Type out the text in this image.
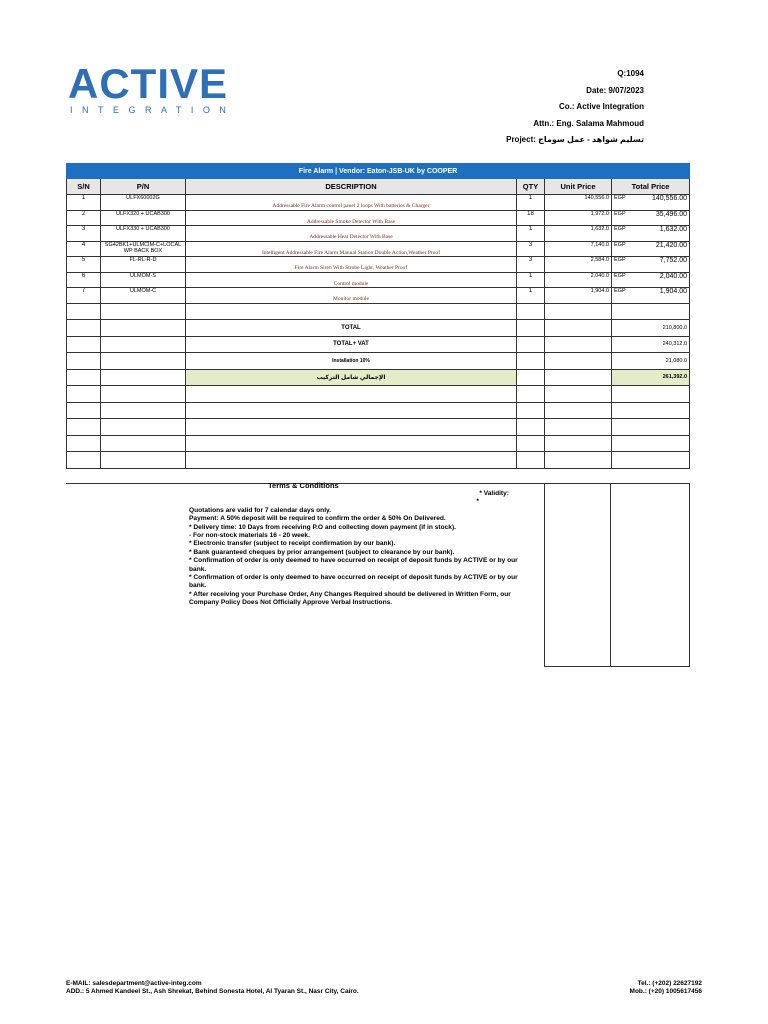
ACTIVE
INTEGRATION
Q:1094
Date: 9/07/2023
Co.: Active Integration
Attn.: Eng. Salama Mahmoud
Project: تسليم شواهد - عمل سوماج
Fire Alarm | Vendor: Eaton-JSB-UK by COOPER					
S/N	P/N	DESCRIPTION	QTY	Unit Price	Total Price
1	ULFX60002G	Addressable Fire Alarm control panel 2 loops With batteries & Charger	1	140,556.0	EGP 140,556.00

2	ULFX320 + UCAB300	Addressable Smoke Detector With Base	18	1,972.0	EGP 35,496.00

3	ULFX330 + UCAB300	Addressable Heat Detector With Base	1	1,632.0	EGP 1,632.00

4	SG42BK1+ULMCIM-C+LOCAL WP BACK BOX	Intelligent Addressable Fire Alarm Manual Station Double Action,Weather Proof	3	7,140.0	EGP 21,420.00

5	FL-RL-R-D	Fire Alarm Siren With Strobe Light, Weather Proof	3	2,584.0	EGP 7,752.00

6	ULMOM-S	Control module	1	2,040.0	EGP 2,040.00

7	ULMOM-C	Monitor module	1	1,904.0	EGP 1,904.00

		TOTAL			210,800.0
		TOTAL+ VAT			240,312.0
		Installation 10%			21,080.0
		الإجمالي شامل التركيب			261,392.0

Terms & Conditions
* Validity:
*
Quotations are valid for 7 calendar days only.
Payment: A 50% deposit will be required to confirm the order & 50% On Delivered.
* Delivery time: 10 Days from receiving P.O and collecting down payment (if in stock).
- For non-stock materials 16 - 20 week.
* Electronic transfer (subject to receipt confirmation by our bank).
* Bank guaranteed cheques by prior arrangement (subject to clearance by our bank).
* Confirmation of order is only deemed to have occurred on receipt of deposit funds by ACTIVE or by our bank.
* Confirmation of order is only deemed to have occurred on receipt of deposit funds by ACTIVE or by our bank.
* After receiving your Purchase Order, Any Changes Required should be delivered in Written Form, our Company Policy Does Not Officially Approve Verbal Instructions.
E-MAIL: salesdepartment@active-integ.com
ADD.: 5 Ahmed Kandeel St., Ash Shrekat, Behind Sonesta Hotel, Al Tyaran St., Nasr City, Cairo.
Tel.: (+202) 22627192
Mob.: (+20) 1005617456
